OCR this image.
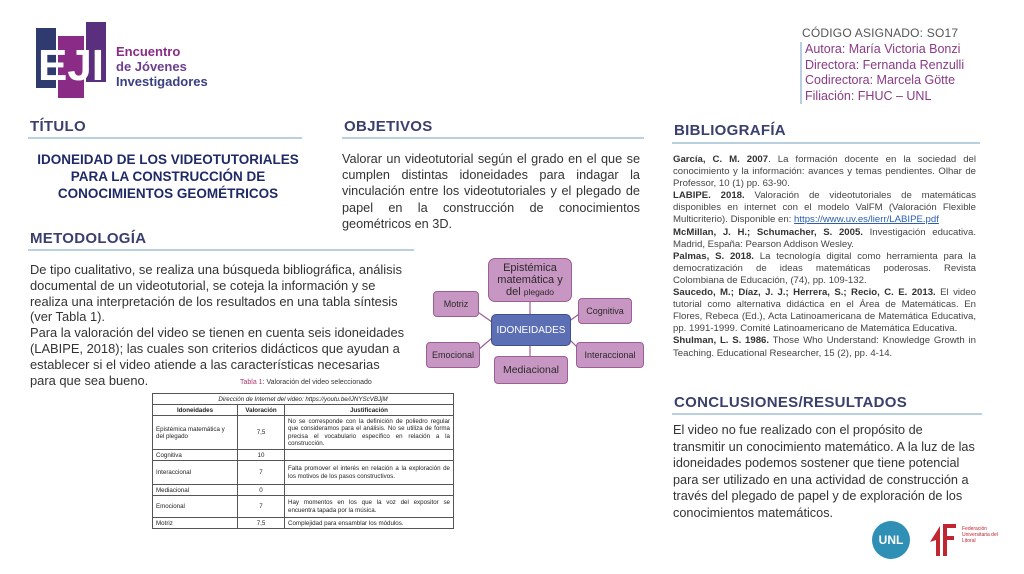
EJI Encuentro
de Jóvenes
Investigadores
CÓDIGO ASIGNADO: SO17
Autora: María Victoria Bonzi
Directora: Fernanda Renzulli
Codirectora: Marcela Götte
Filiación: FHUC – UNL
TÍTULO
IDONEIDAD DE LOS VIDEOTUTORIALES PARA LA CONSTRUCCIÓN DE CONOCIMIENTOS GEOMÉTRICOS
OBJETIVOS
Valorar un videotutorial según el grado en el que se cumplen distintas idoneidades para indagar la vinculación entre los videotutoriales y el plegado de papel en la construcción de conocimientos geométricos en 3D.
METODOLOGÍA

De tipo cualitativo, se realiza una búsqueda bibliográfica, análisis documental de un videotutorial, se coteja la información y se realiza una interpretación de los resultados en una tabla síntesis (ver Tabla 1).

Para la valoración del video se tienen en cuenta seis idoneidades (LABIPE, 2018); las cuales son criterios didácticos que ayudan a establecer si el video atiende a las características necesarias para que sea bueno.

Epistémica matemática y del plegado
Motriz
Cognitiva
IDONEIDADES
Emocional	Interaccional
Mediacional
Tabla 1: Valoración del video seleccionado
Dirección de Internet del video: https://youtu.be/iJNYScVBJjM		
Idoneidades	Valoración	Justificación
Epistémica matemática y del plegado	7,5	No se corresponde con la definición de poliedro regular que consideramos para el análisis. No se utiliza de forma precisa el vocabulario específico en relación a la construcción.
Cognitiva	10	
Interaccional	7	Falta promover el interés en relación a la exploración de los motivos de los pasos constructivos.
Mediacional	0	
Emocional	7	Hay momentos en los que la voz del expositor se encuentra tapada por la música.
Motriz	7,5	Complejidad para ensamblar los módulos.
BIBLIOGRAFÍA

García, C. M. 2007. La formación docente en la sociedad del conocimiento y la información: avances y temas pendientes. Olhar de Professor, 10 (1) pp. 63-90.

LABIPE. 2018. Valoración de videotutoriales de matemáticas disponibles en internet con el modelo ValFM (Valoración Flexible Multicriterio). Disponible en: https://www.uv.es/lierr/LABIPE.pdf

McMillan, J. H.; Schumacher, S. 2005. Investigación educativa. Madrid, España: Pearson Addison Wesley.

Palmas, S. 2018. La tecnología digital como herramienta para la democratización de ideas matemáticas poderosas. Revista Colombiana de Educación, (74), pp. 109-132.

Saucedo, M.; Díaz, J. J.; Herrera, S.; Recio, C. E. 2013. El video tutorial como alternativa didáctica en el Área de Matemáticas. En Flores, Rebeca (Ed.), Acta Latinoamericana de Matemática Educativa, pp. 1991-1999. Comité Latinoamericano de Matemática Educativa.

Shulman, L. S. 1986. Those Who Understand: Knowledge Growth in Teaching. Educational Researcher, 15 (2), pp. 4-14.

CONCLUSIONES/RESULTADOS
El video no fue realizado con el propósito de transmitir un conocimiento matemático. A la luz de las idoneidades podemos sostener que tiene potencial para ser utilizado en una actividad de construcción a través del plegado de papel y de exploración de los conocimientos matemáticos.
UNL
Federación Universitaria del Litoral
